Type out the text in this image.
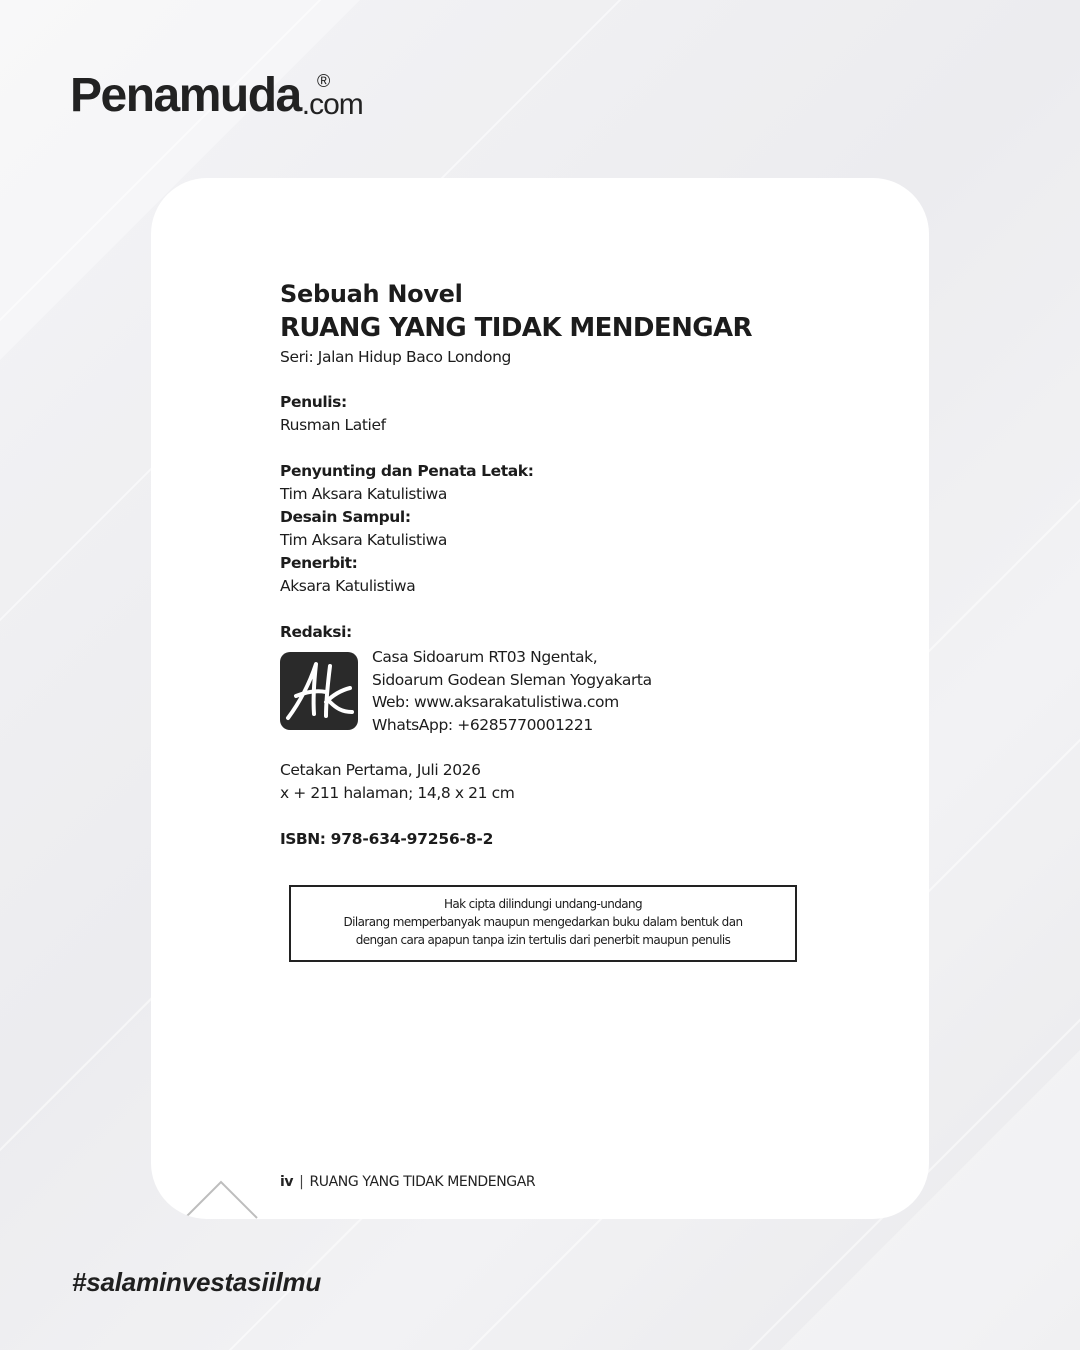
Penamuda ®
.com
Sebuah Novel
RUANG YANG TIDAK MENDENGAR
Seri: Jalan Hidup Baco Londong
Penulis:
Rusman Latief
Penyunting dan Penata Letak:
Tim Aksara Katulistiwa
Desain Sampul:
Tim Aksara Katulistiwa
Penerbit:
Aksara Katulistiwa
Redaksi:
Casa Sidoarum RT03 Ngentak,
Sidoarum Godean Sleman Yogyakarta
Web: www.aksarakatulistiwa.com
WhatsApp: +6285770001221
Cetakan Pertama, Juli 2026
x + 211 halaman; 14,8 x 21 cm
ISBN: 978-634-97256-8-2
Hak cipta dilindungi undang-undang
Dilarang memperbanyak maupun mengedarkan buku dalam bentuk dan
dengan cara apapun tanpa izin tertulis dari penerbit maupun penulis
iv | RUANG YANG TIDAK MENDENGAR
#salaminvestasiilmu
